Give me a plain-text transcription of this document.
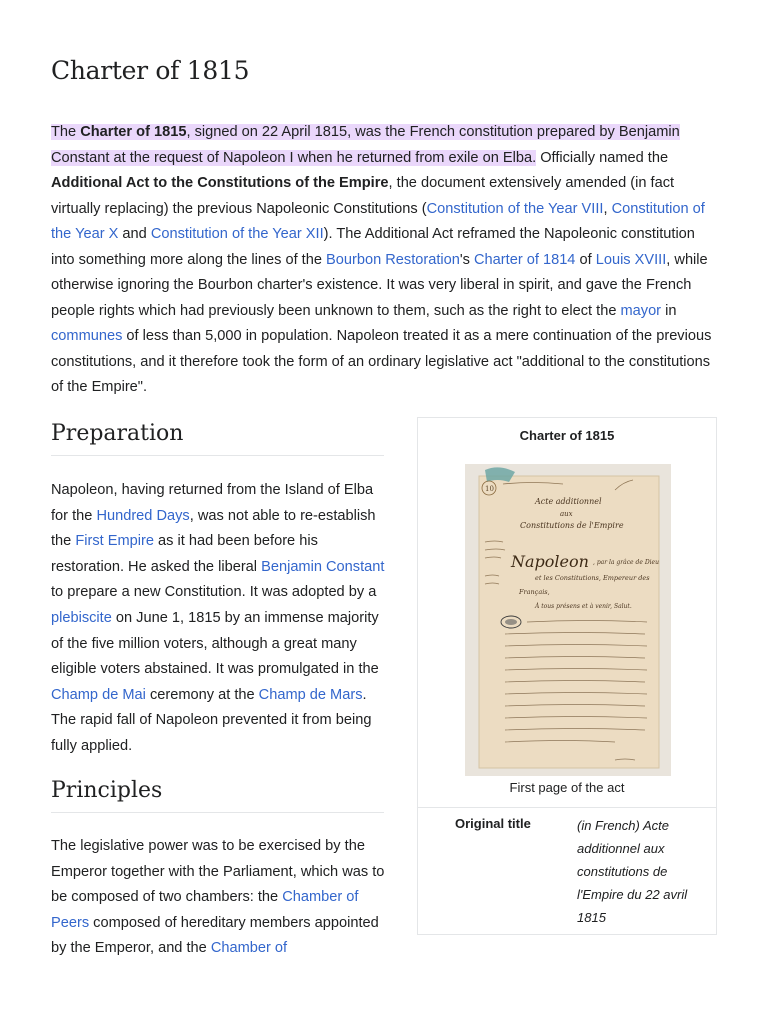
Charter of 1815

The Charter of 1815, signed on 22 April 1815, was the French constitution prepared by Benjamin Constant at the request of Napoleon I when he returned from exile on Elba. Officially named the Additional Act to the Constitutions of the Empire, the document extensively amended (in fact virtually replacing) the previous Napoleonic Constitutions (Constitution of the Year VIII, Constitution of the Year X and Constitution of the Year XII). The Additional Act reframed the Napoleonic constitution into something more along the lines of the Bourbon Restoration's Charter of 1814 of Louis XVIII, while otherwise ignoring the Bourbon charter's existence. It was very liberal in spirit, and gave the French people rights which had previously been unknown to them, such as the right to elect the mayor in communes of less than 5,000 in population. Napoleon treated it as a mere continuation of the previous constitutions, and it therefore took the form of an ordinary legislative act "additional to the constitutions of the Empire".

Preparation

Napoleon, having returned from the Island of Elba for the Hundred Days, was not able to re-establish the First Empire as it had been before his restoration. He asked the liberal Benjamin Constant to prepare a new Constitution. It was adopted by a plebiscite on June 1, 1815 by an immense majority of the five million voters, although a great many eligible voters abstained. It was promulgated in the Champ de Mai ceremony at the Champ de Mars. The rapid fall of Napoleon prevented it from being fully applied.

Principles

The legislative power was to be exercised by the Emperor together with the Parliament, which was to be composed of two chambers: the Chamber of Peers composed of hereditary members appointed by the Emperor, and the Chamber of

Charter of 1815
10
Acte additionnel
aux
Constitutions de l'Empire
Napoleon , par la grâce de Dieu
et les Constitutions, Empereur des
Français,
À tous présens et à venir, Salut.
First page of the act
Original title	(in French) Acte additionnel aux constitutions de l'Empire du 22 avril 1815
